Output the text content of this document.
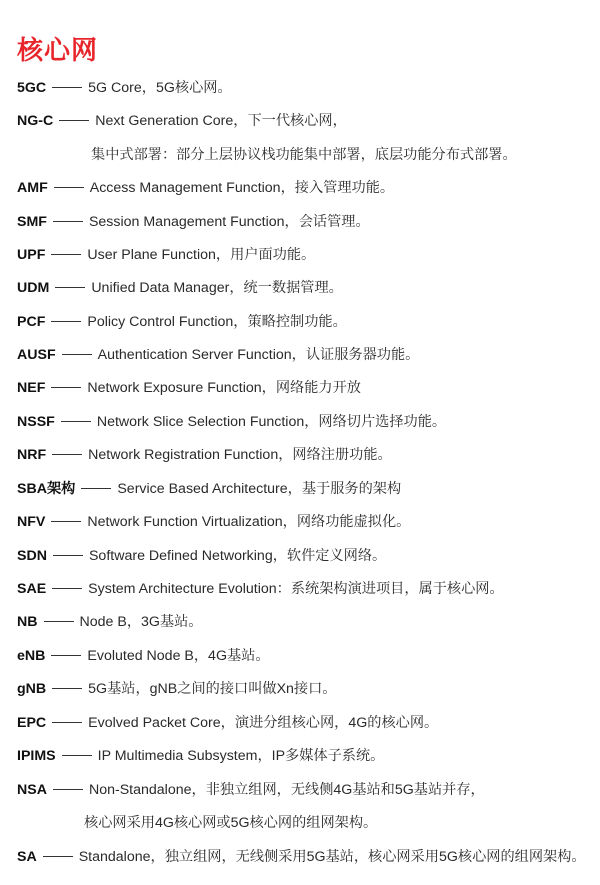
核心网
5GC	5G Core，5G核心网。
NG-C	Next Generation Core，下一代核心网，
集中式部署：部分上层协议栈功能集中部署，底层功能分布式部署。
AMF	Access Management Function，接入管理功能。
SMF	Session Management Function，会话管理。
UPF	User Plane Function，用户面功能。
UDM	Unified Data Manager，统一数据管理。
PCF	Policy Control Function，策略控制功能。
AUSF	Authentication Server Function，认证服务器功能。
NEF	Network Exposure Function，网络能力开放
NSSF	Network Slice Selection Function，网络切片选择功能。
NRF	Network Registration Function，网络注册功能。
SBA架构	Service Based Architecture，基于服务的架构
NFV	Network Function Virtualization，网络功能虚拟化。
SDN	Software Defined Networking，软件定义网络。
SAE	System Architecture Evolution：系统架构演进项目，属于核心网。
NB	Node B，3G基站。
eNB	Evoluted Node B，4G基站。
gNB	5G基站，gNB之间的接口叫做Xn接口。
EPC	Evolved Packet Core，演进分组核心网，4G的核心网。
IPIMS	IP Multimedia Subsystem，IP多媒体子系统。
NSA	Non-Standalone，非独立组网，无线侧4G基站和5G基站并存，
核心网采用4G核心网或5G核心网的组网架构。
SA	Standalone，独立组网，无线侧采用5G基站，核心网采用5G核心网的组网架构。
